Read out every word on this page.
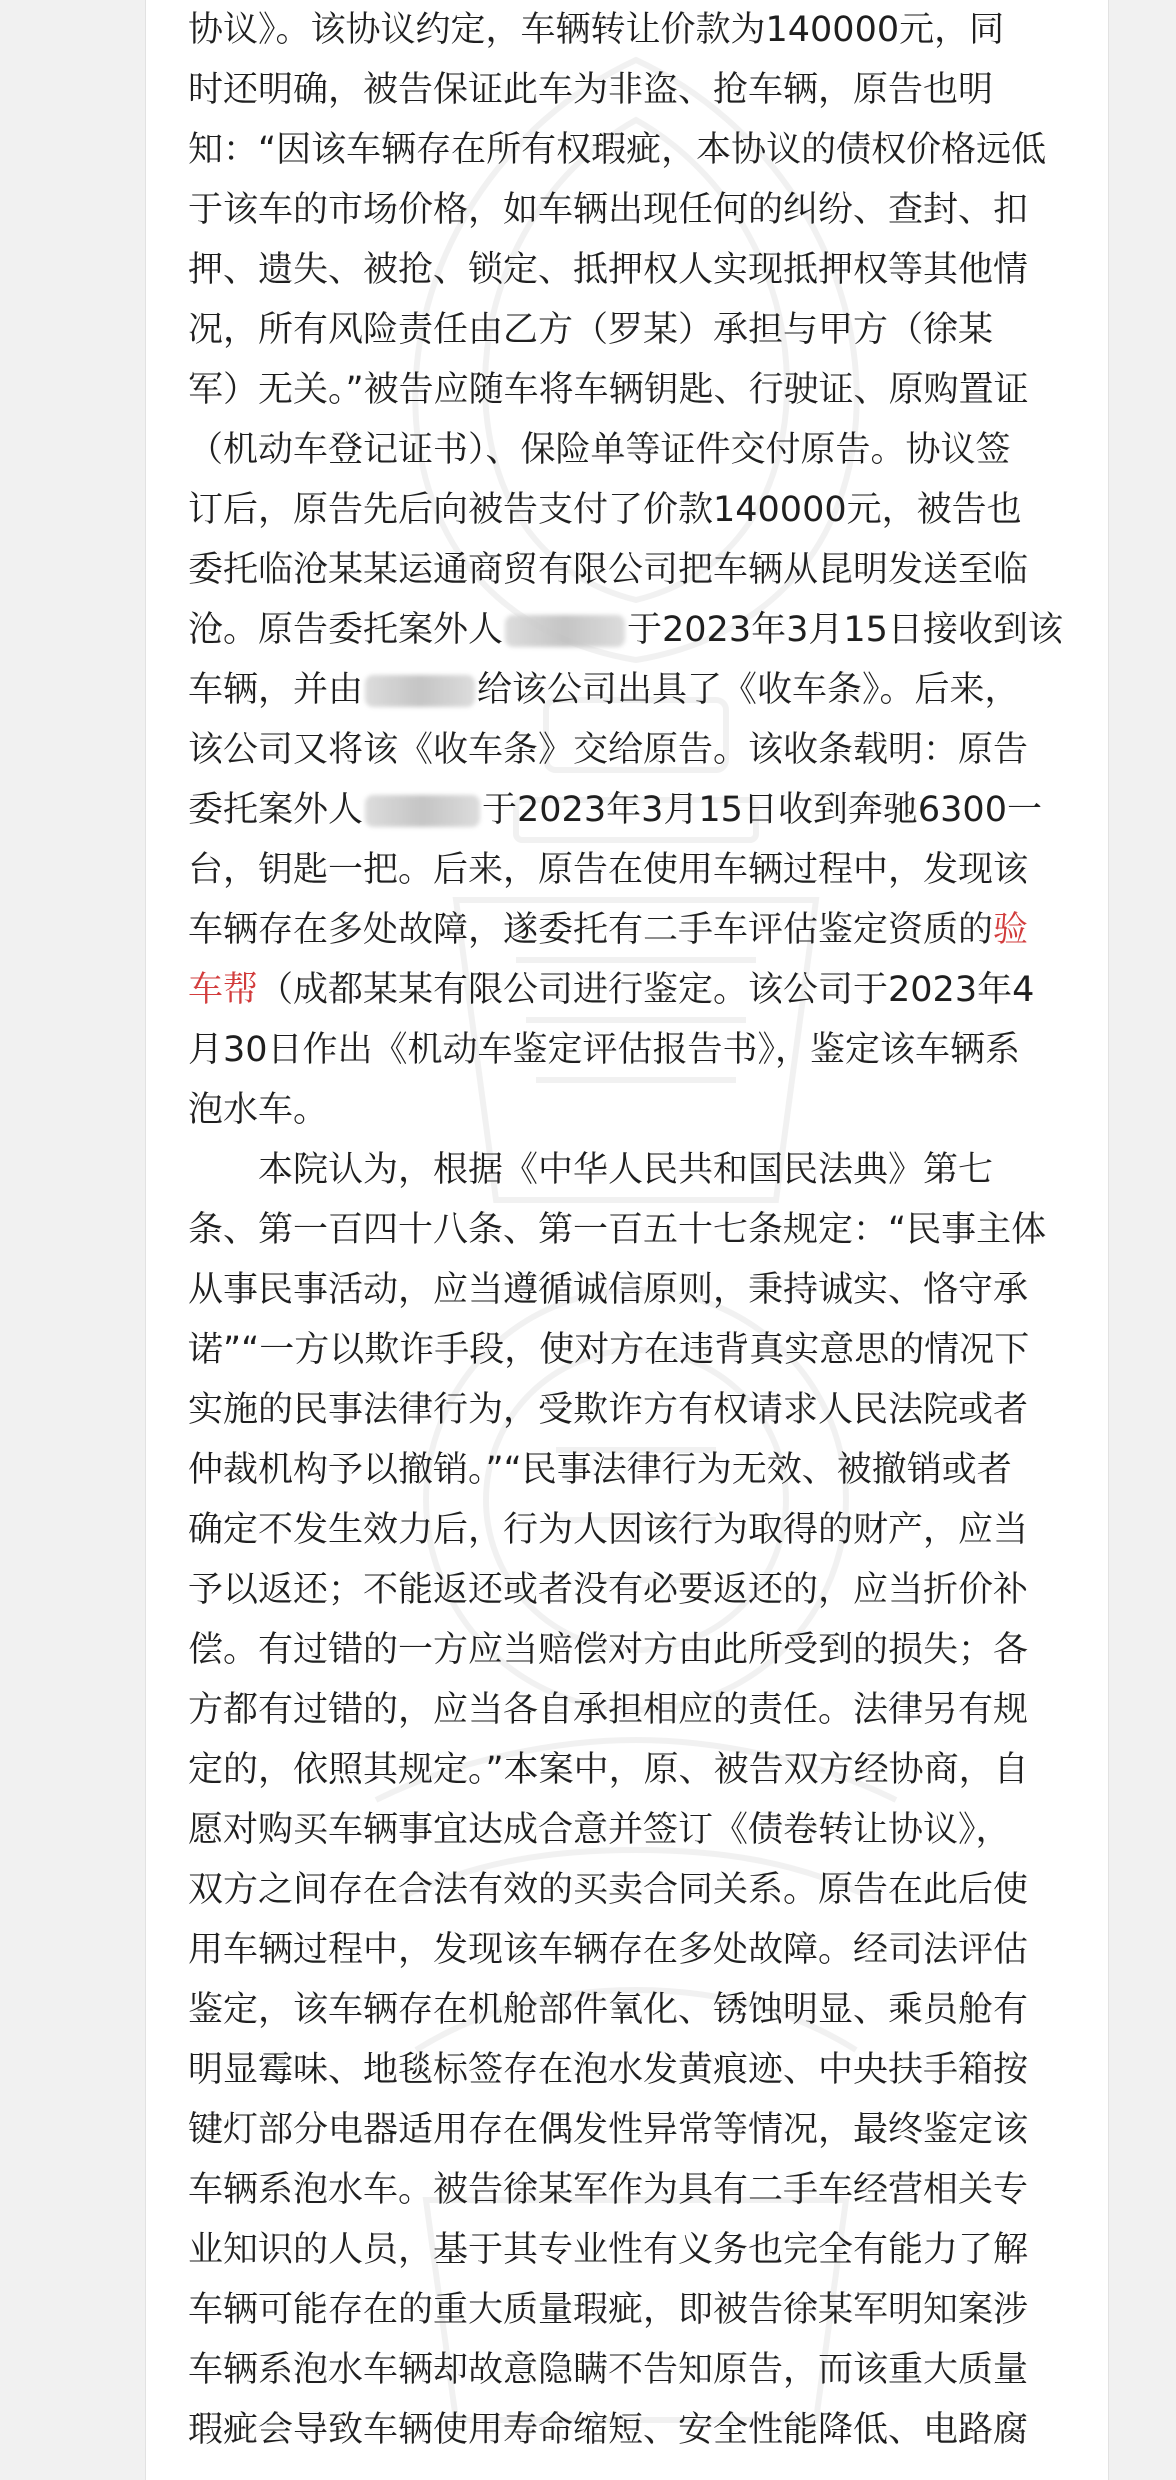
协议》。该协议约定，车辆转让价款为140000元，同
时还明确，被告保证此车为非盗、抢车辆，原告也明
知：“因该车辆存在所有权瑕疵，本协议的债权价格远低
于该车的市场价格，如车辆出现任何的纠纷、查封、扣
押、遗失、被抢、锁定、抵押权人实现抵押权等其他情
况，所有风险责任由乙方（罗某）承担与甲方（徐某
军）无关。”被告应随车将车辆钥匙、行驶证、原购置证
（机动车登记证书）、保险单等证件交付原告。协议签
订后，原告先后向被告支付了价款140000元，被告也
委托临沧某某运通商贸有限公司把车辆从昆明发送至临
沧。原告委托案外人	于2023年3月15日接收到该
车辆，并由	给该公司出具了《收车条》。后来，
该公司又将该《收车条》交给原告。该收条载明：原告
委托案外人	于2023年3月15日收到奔驰6300一
台，钥匙一把。后来，原告在使用车辆过程中，发现该
车辆存在多处故障，遂委托有二手车评估鉴定资质的验
车帮（成都某某有限公司进行鉴定。该公司于2023年4
月30日作出《机动车鉴定评估报告书》，鉴定该车辆系
泡水车。
本院认为，根据《中华人民共和国民法典》第七
条、第一百四十八条、第一百五十七条规定：“民事主体
从事民事活动，应当遵循诚信原则，秉持诚实、恪守承
诺”“一方以欺诈手段，使对方在违背真实意思的情况下
实施的民事法律行为，受欺诈方有权请求人民法院或者
仲裁机构予以撤销。”“民事法律行为无效、被撤销或者
确定不发生效力后，行为人因该行为取得的财产，应当
予以返还；不能返还或者没有必要返还的，应当折价补
偿。有过错的一方应当赔偿对方由此所受到的损失；各
方都有过错的，应当各自承担相应的责任。法律另有规
定的，依照其规定。”本案中，原、被告双方经协商，自
愿对购买车辆事宜达成合意并签订《债卷转让协议》，
双方之间存在合法有效的买卖合同关系。原告在此后使
用车辆过程中，发现该车辆存在多处故障。经司法评估
鉴定，该车辆存在机舱部件氧化、锈蚀明显、乘员舱有
明显霉味、地毯标签存在泡水发黄痕迹、中央扶手箱按
键灯部分电器适用存在偶发性异常等情况，最终鉴定该
车辆系泡水车。被告徐某军作为具有二手车经营相关专
业知识的人员，基于其专业性有义务也完全有能力了解
车辆可能存在的重大质量瑕疵，即被告徐某军明知案涉
车辆系泡水车辆却故意隐瞒不告知原告，而该重大质量
瑕疵会导致车辆使用寿命缩短、安全性能降低、电路腐
